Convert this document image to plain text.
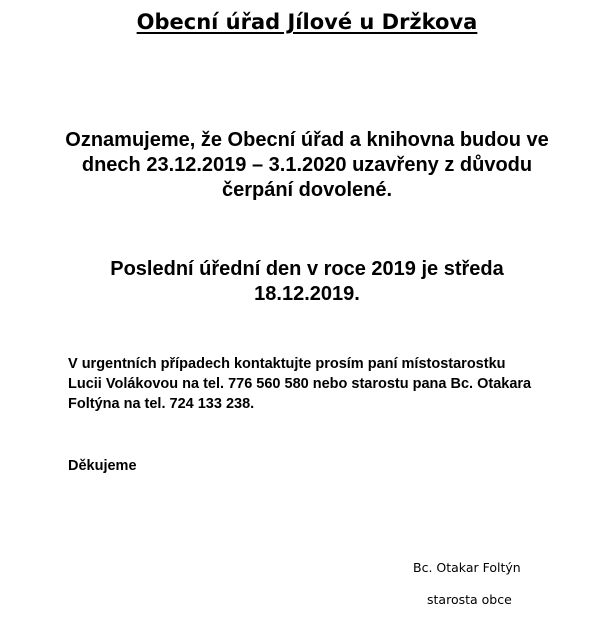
Obecní úřad Jílové u Držkova
Oznamujeme, že Obecní úřad a knihovna budou ve
dnech 23.12.2019 – 3.1.2020 uzavřeny z důvodu
čerpání dovolené.
Poslední úřední den v roce 2019 je středa
18.12.2019.
V urgentních případech kontaktujte prosím paní místostarostku
Lucii Volákovou na tel. 776 560 580 nebo starostu pana Bc. Otakara
Foltýna na tel. 724 133 238.
Děkujeme
Bc. Otakar Foltýn
starosta obce
